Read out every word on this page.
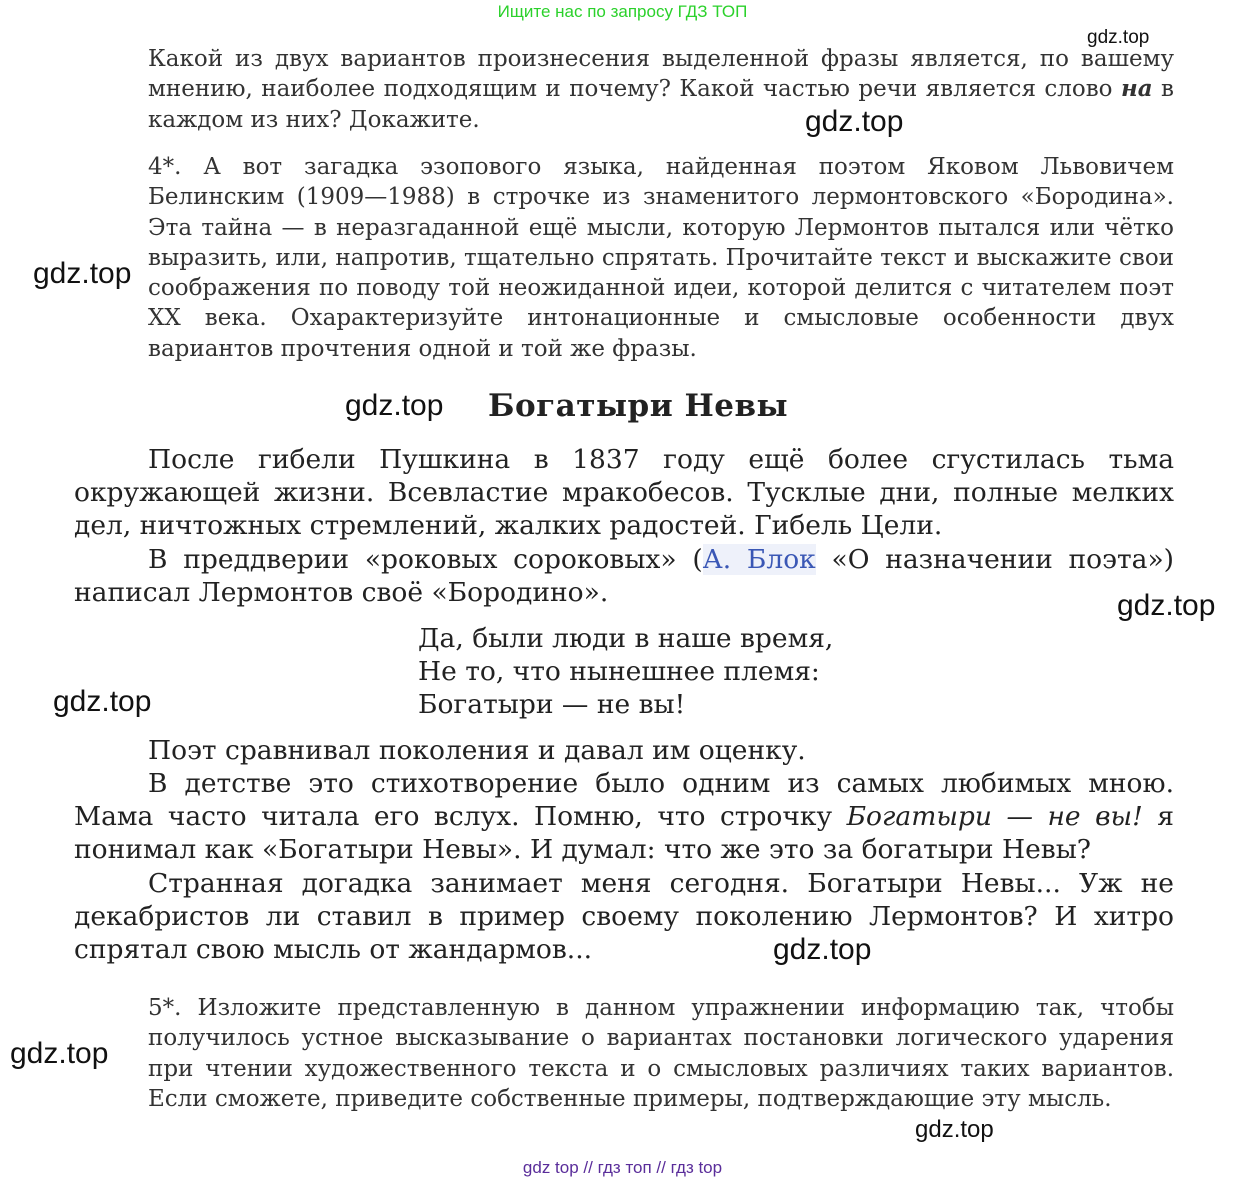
Ищите нас по запросу ГДЗ ТОП

Какой из двух вариантов произнесения выделенной фразы является, по вашему мнению, наиболее подходящим и почему? Какой частью речи является слово на в каждом из них? Докажите.

4*. А вот загадка эзопового языка, найденная поэтом Яковом Львовичем Белинским (1909—1988) в строчке из знаменитого лермонтовского «Бородина». Эта тайна — в неразгаданной ещё мысли, которую Лермонтов пытался или чётко выразить, или, напротив, тщательно спрятать. Прочитайте текст и выскажите свои соображения по поводу той неожиданной идеи, которой делится с читателем поэт XX века. Охарактеризуйте интонационные и смысловые особенности двух вариантов прочтения одной и той же фразы.

Богатыри Невы

После гибели Пушкина в 1837 году ещё более сгустилась тьма окружающей жизни. Всевластие мракобесов. Тусклые дни, полные мелких дел, ничтожных стремлений, жалких радостей. Гибель Цели.

В преддверии «роковых сороковых» (А. Блок «О назначении поэта») написал Лермонтов своё «Бородино».

Да, были люди в наше время,
Не то, что нынешнее племя:
Богатыри — не вы!

Поэт сравнивал поколения и давал им оценку.

В детстве это стихотворение было одним из самых любимых мною. Мама часто читала его вслух. Помню, что строчку Богатыри — не вы! я понимал как «Богатыри Невы». И думал: что же это за богатыри Невы?

Странная догадка занимает меня сегодня. Богатыри Невы... Уж не декабристов ли ставил в пример своему поколению Лермонтов? И хитро спрятал свою мысль от жандармов...

5*. Изложите представленную в данном упражнении информацию так, чтобы получилось устное высказывание о вариантах постановки логического ударения при чтении художественного текста и о смысловых различиях таких вариантов. Если сможете, приведите собственные примеры, подтверждающие эту мысль.

gdz.top
gdz.top
gdz.top
gdz.top
gdz.top
gdz.top
gdz.top
gdz.top
gdz.top
gdz top // гдз топ // гдз top
